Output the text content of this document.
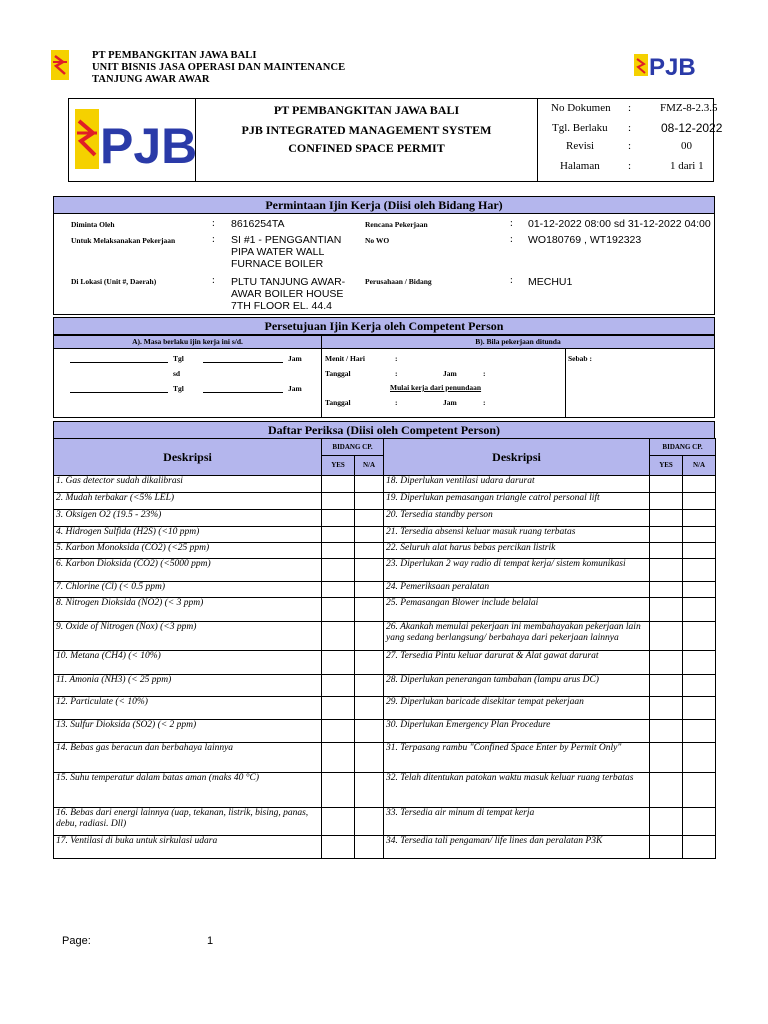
PT PEMBANGKITAN JAWA BALI
UNIT BISNIS JASA OPERASI DAN MAINTENANCE
TANJUNG AWAR AWAR	PJB
PJB
PT PEMBANGKITAN JAWA BALI
PJB INTEGRATED MANAGEMENT SYSTEM
CONFINED SPACE PERMIT
No Dokumen :	FMZ-8-2.3.5
Tgl. Berlaku : 08-12-2022
Revisi	:	00
Halaman	:	1 dari 1
Permintaan Ijin Kerja (Diisi oleh Bidang Har)
Diminta Oleh	: 8616254TA
Untuk Melaksanakan Pekerjaan	: SI #1 - PENGGANTIAN
PIPA WATER WALL
FURNACE BOILER
Di Lokasi (Unit #, Daerah)	: PLTU TANJUNG AWAR-
AWAR BOILER HOUSE
7TH FLOOR EL. 44.4
Rencana Pekerjaan	: 01-12-2022 08:00 sd 31-12-2022 04:00
No WO	: WO180769 , WT192323
Perusahaan / Bidang	: MECHU1
Persetujuan Ijin Kerja oleh Competent Person
A). Masa berlaku ijin kerja ini s/d.	B). Bila pekerjaan ditunda
Tgl	Jam
sd
Tgl	Jam
Menit / Hari	:
Tanggal	:	Jam	:
Mulai kerja dari penundaan
Tanggal	:	Jam	:
Sebab :
Daftar Periksa (Diisi oleh Competent Person)
Deskripsi	BIDANG CP.		Deskripsi	BIDANG CP.	
	YES	N/A		YES	N/A
1. Gas detector sudah dikalibrasi			18. Diperlukan ventilasi udara darurat		
2. Mudah terbakar (<5% LEL)			19. Diperlukan pemasangan triangle catrol personal lift		
3. Oksigen O2 (19.5 - 23%)			20. Tersedia standby person		
4. Hidrogen Sulfida (H2S) (<10 ppm)			21. Tersedia absensi keluar masuk ruang terbatas		
5. Karbon Monoksida (CO2) (<25 ppm)			22. Seluruh alat harus bebas percikan listrik		
6. Karbon Dioksida (CO2) (<5000 ppm)			23. Diperlukan 2 way radio di tempat kerja/ sistem komunikasi		
7. Chlorine (Cl) (< 0.5 ppm)			24. Pemeriksaan peralatan		
8. Nitrogen Dioksida (NO2) (< 3 ppm)			25. Pemasangan Blower include belalai		
9. Oxide of Nitrogen (Nox) (<3 ppm)			26. Akankah memulai pekerjaan ini membahayakan pekerjaan lain yang sedang berlangsung/ berbahaya dari pekerjaan lainnya		
10. Metana (CH4) (< 10%)			27. Tersedia Pintu keluar darurat & Alat gawat darurat		
11. Amonia (NH3) (< 25 ppm)			28. Diperlukan penerangan tambahan (lampu arus DC)		
12. Particulate (< 10%)			29. Diperlukan baricade disekitar tempat pekerjaan		
13. Sulfur Dioksida (SO2) (< 2 ppm)			30. Diperlukan Emergency Plan Procedure		
14. Bebas gas beracun dan berbahaya lainnya			31. Terpasang rambu "Confined Space Enter by Permit Only"		
15. Suhu temperatur dalam batas aman (maks 40 °C)			32. Telah ditentukan patokan waktu masuk keluar ruang terbatas		
16. Bebas dari energi lainnya (uap, tekanan, listrik, bising, panas, debu, radiasi. Dll)			33. Tersedia air minum di tempat kerja		
17. Ventilasi di buka untuk sirkulasi udara			34. Tersedia tali pengaman/ life lines dan peralatan P3K		
Page:	1
